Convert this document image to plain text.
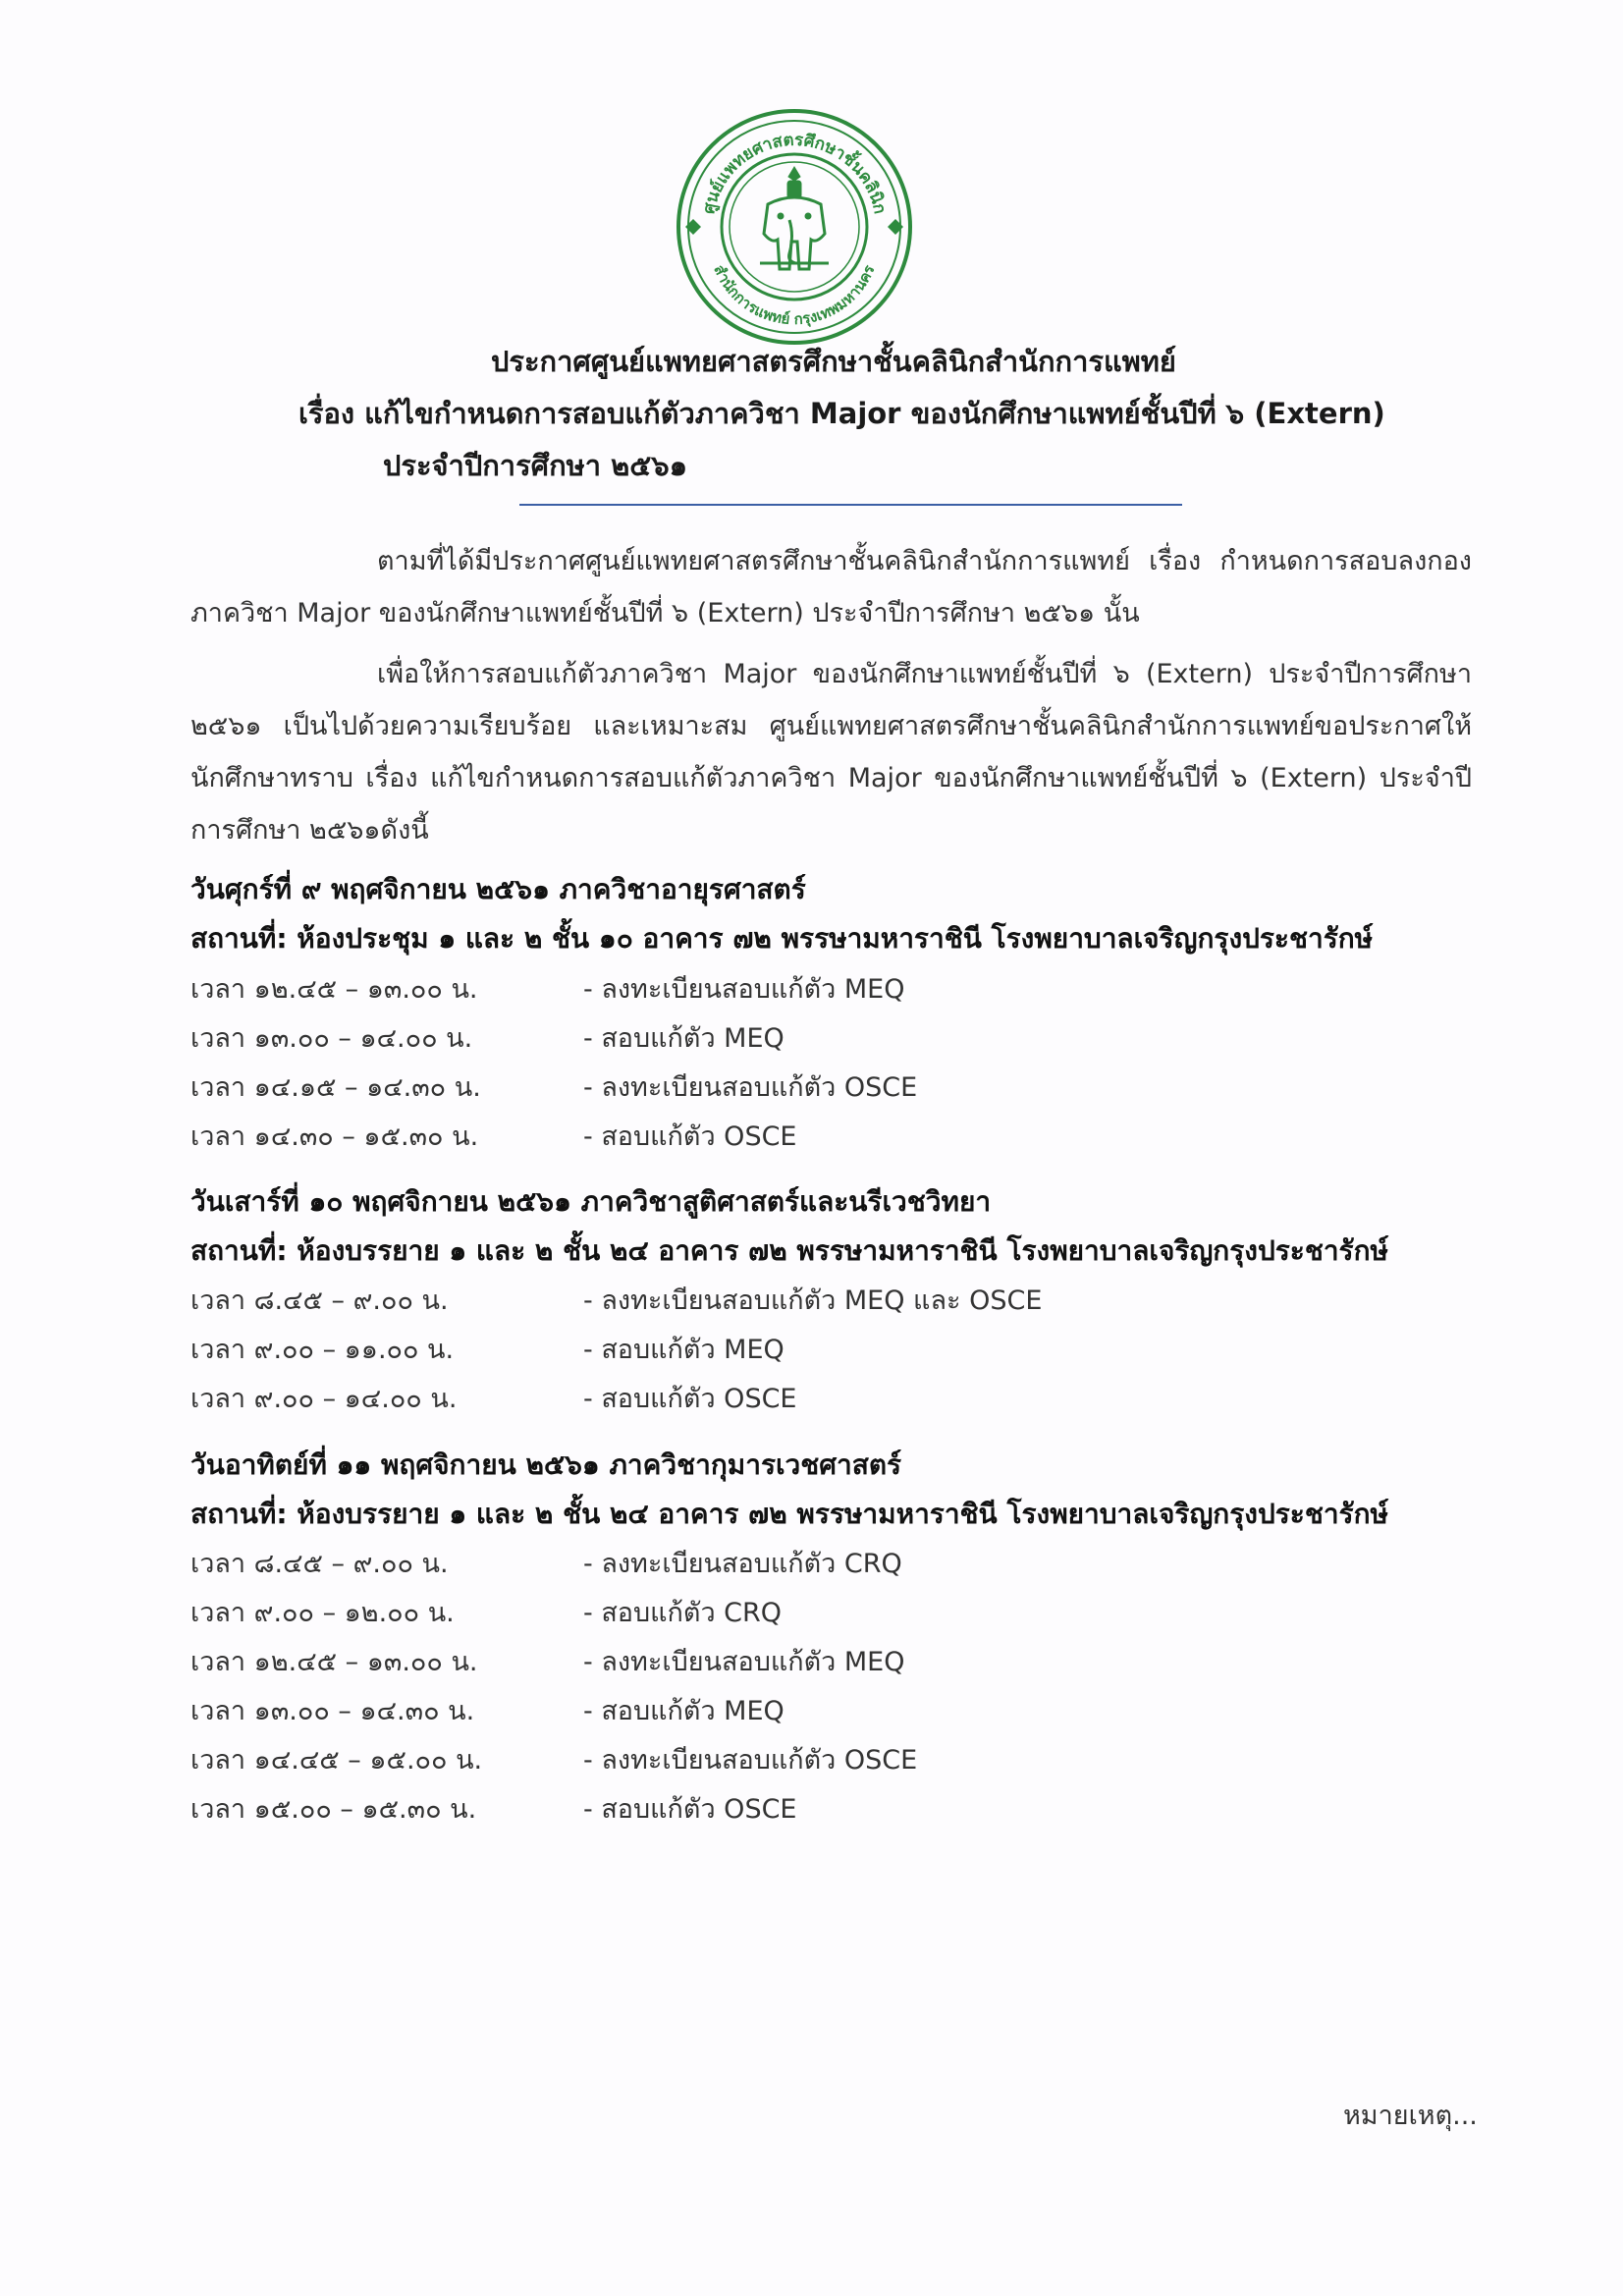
ศูนย์แพทยศาสตรศึกษาชั้นคลินิก
สำนักการแพทย์ กรุงเทพมหานคร
ประกาศศูนย์แพทยศาสตรศึกษาชั้นคลินิกสำนักการแพทย์
เรื่อง แก้ไขกำหนดการสอบแก้ตัวภาควิชา Major ของนักศึกษาแพทย์ชั้นปีที่ ๖ (Extern)
ประจำปีการศึกษา ๒๕๖๑
ตามที่ได้มีประกาศศูนย์แพทยศาสตรศึกษาชั้นคลินิกสำนักการแพทย์ เรื่อง กำหนดการสอบลงกอง ภาควิชา Major ของนักศึกษาแพทย์ชั้นปีที่ ๖ (Extern) ประจำปีการศึกษา ๒๕๖๑ นั้น
เพื่อให้การสอบแก้ตัวภาควิชา Major ของนักศึกษาแพทย์ชั้นปีที่ ๖ (Extern) ประจำปีการศึกษา ๒๕๖๑ เป็นไปด้วยความเรียบร้อย และเหมาะสม ศูนย์แพทยศาสตรศึกษาชั้นคลินิกสำนักการแพทย์ขอประกาศให้นักศึกษาทราบ เรื่อง แก้ไขกำหนดการสอบแก้ตัวภาควิชา Major ของนักศึกษาแพทย์ชั้นปีที่ ๖ (Extern) ประจำปีการศึกษา ๒๕๖๑ดังนี้
วันศุกร์ที่ ๙ พฤศจิกายน ๒๕๖๑ ภาควิชาอายุรศาสตร์
สถานที่: ห้องประชุม ๑ และ ๒ ชั้น ๑๐ อาคาร ๗๒ พรรษามหาราชินี โรงพยาบาลเจริญกรุงประชารักษ์
เวลา ๑๒.๔๕ – ๑๓.๐๐ น.	- ลงทะเบียนสอบแก้ตัว MEQ
เวลา ๑๓.๐๐ – ๑๔.๐๐ น.	- สอบแก้ตัว MEQ
เวลา ๑๔.๑๕ – ๑๔.๓๐ น.	- ลงทะเบียนสอบแก้ตัว OSCE
เวลา ๑๔.๓๐ – ๑๕.๓๐ น.	- สอบแก้ตัว OSCE
วันเสาร์ที่ ๑๐ พฤศจิกายน ๒๕๖๑ ภาควิชาสูติศาสตร์และนรีเวชวิทยา
สถานที่: ห้องบรรยาย ๑ และ ๒ ชั้น ๒๔ อาคาร ๗๒ พรรษามหาราชินี โรงพยาบาลเจริญกรุงประชารักษ์
เวลา ๘.๔๕ – ๙.๐๐ น.	- ลงทะเบียนสอบแก้ตัว MEQ และ OSCE
เวลา ๙.๐๐ – ๑๑.๐๐ น.	- สอบแก้ตัว MEQ
เวลา ๙.๐๐ – ๑๔.๐๐ น.	- สอบแก้ตัว OSCE
วันอาทิตย์ที่ ๑๑ พฤศจิกายน ๒๕๖๑ ภาควิชากุมารเวชศาสตร์
สถานที่: ห้องบรรยาย ๑ และ ๒ ชั้น ๒๔ อาคาร ๗๒ พรรษามหาราชินี โรงพยาบาลเจริญกรุงประชารักษ์
เวลา ๘.๔๕ – ๙.๐๐ น.	- ลงทะเบียนสอบแก้ตัว CRQ
เวลา ๙.๐๐ – ๑๒.๐๐ น.	- สอบแก้ตัว CRQ
เวลา ๑๒.๔๕ – ๑๓.๐๐ น.	- ลงทะเบียนสอบแก้ตัว MEQ
เวลา ๑๓.๐๐ – ๑๔.๓๐ น.	- สอบแก้ตัว MEQ
เวลา ๑๔.๔๕ – ๑๕.๐๐ น.	- ลงทะเบียนสอบแก้ตัว OSCE
เวลา ๑๕.๐๐ – ๑๕.๓๐ น.	- สอบแก้ตัว OSCE
หมายเหตุ...
